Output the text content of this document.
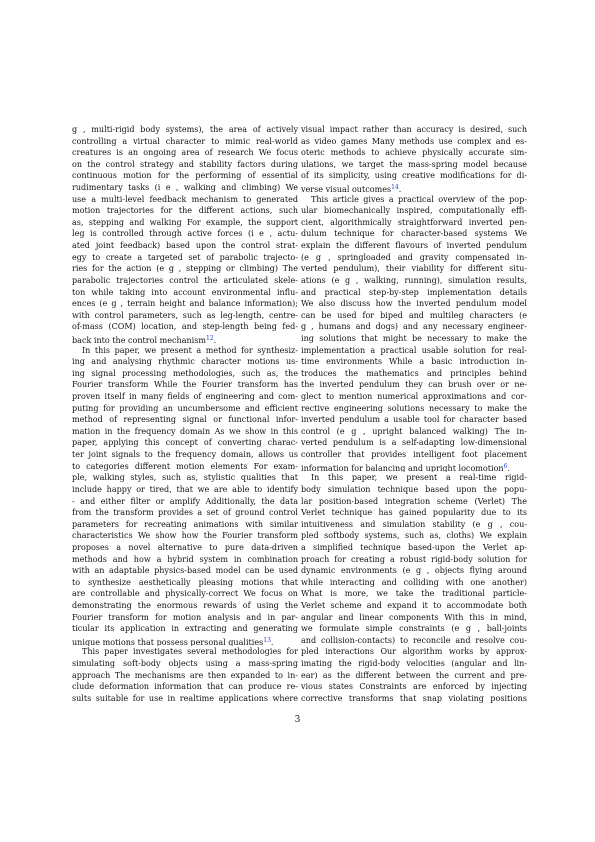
g , multi-rigid body systems), the area of actively
controlling a virtual character to mimic real-world
creatures is an ongoing area of research We focus
on the control strategy and stability factors during
continuous motion for the performing of essential
rudimentary tasks (i e , walking and climbing) We
use a multi-level feedback mechanism to generated
motion trajectories for the different actions, such
as, stepping and walking For example, the support
leg is controlled through active forces (i e , actu-
ated joint feedback) based upon the control strat-
egy to create a targeted set of parabolic trajecto-
ries for the action (e g , stepping or climbing) The
parabolic trajectories control the articulated skele-
ton while taking into account environmental influ-
ences (e g , terrain height and balance information);
with control parameters, such as leg-length, centre-
of-mass (COM) location, and step-length being fed-
back into the control mechanism$^{12}$.
In this paper, we present a method for synthesiz-
ing and analysing rhythmic character motions us-
ing signal processing methodologies, such as, the
Fourier transform While the Fourier transform has
proven itself in many fields of engineering and com-
puting for providing an uncumbersome and efficient
method of representing signal or functional infor-
mation in the frequency domain As we show in this
paper, applying this concept of converting charac-
ter joint signals to the frequency domain, allows us
to categories different motion elements For exam-
ple, walking styles, such as, stylistic qualities that
include happy or tired, that we are able to identify
- and either filter or amplify Additionally, the data
from the transform provides a set of ground control
parameters for recreating animations with similar
characteristics We show how the Fourier transform
proposes a novel alternative to pure data-driven
methods and how a hybrid system in combination
with an adaptable physics-based model can be used
to synthesize aesthetically pleasing motions that
are controllable and physically-correct We focus on
demonstrating the enormous rewards of using the
Fourier transform for motion analysis and in par-
ticular its application in extracting and generating
unique motions that possess personal qualities$^{13}$.
This paper investigates several methodologies for
simulating soft-body objects using a mass-spring
approach The mechanisms are then expanded to in-
clude deformation information that can produce re-
sults suitable for use in realtime applications where
visual impact rather than accuracy is desired, such
as video games Many methods use complex and es-
oteric methods to achieve physically accurate sim-
ulations, we target the mass-spring model because
of its simplicity, using creative modifications for di-
verse visual outcomes$^{14}$.
This article gives a practical overview of the pop-
ular biomechanically inspired, computationally effi-
cient, algorithmically straightforward inverted pen-
dulum technique for character-based systems We
explain the different flavours of inverted pendulum
(e g , springloaded and gravity compensated in-
verted pendulum), their viability for different situ-
ations (e g , walking, running), simulation results,
and practical step-by-step implementation details
We also discuss how the inverted pendulum model
can be used for biped and multileg characters (e
g , humans and dogs) and any necessary engineer-
ing solutions that might be necessary to make the
implementation a practical usable solution for real-
time environments While a basic introduction in-
troduces the mathematics and principles behind
the inverted pendulum they can brush over or ne-
glect to mention numerical approximations and cor-
rective engineering solutions necessary to make the
inverted pendulum a usable tool for character based
control (e g , upright balanced walking) The in-
verted pendulum is a self-adapting low-dimensional
controller that provides intelligent foot placement
information for balancing and upright locomotion$^6$.
In this paper, we present a real-time rigid-
body simulation technique based upon the popu-
lar position-based integration scheme (Verlet) The
Verlet technique has gained popularity due to its
intuitiveness and simulation stability (e g , cou-
pled softbody systems, such as, cloths) We explain
a simplified technique based-upon the Verlet ap-
proach for creating a robust rigid-body solution for
dynamic environments (e g , objects flying around
while interacting and colliding with one another)
What is more, we take the traditional particle-
Verlet scheme and expand it to accommodate both
angular and linear components With this in mind,
we formulate simple constraints (e g , ball-joints
and collision-contacts) to reconcile and resolve cou-
pled interactions Our algorithm works by approx-
imating the rigid-body velocities (angular and lin-
ear) as the different between the current and pre-
vious states Constraints are enforced by injecting
corrective transforms that snap violating positions
3
